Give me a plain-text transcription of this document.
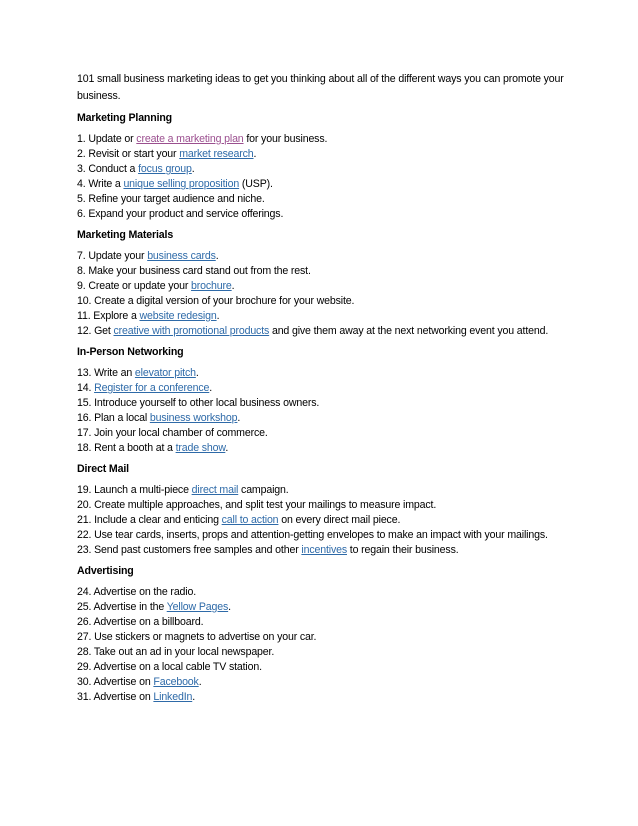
101 small business marketing ideas to get you thinking about all of the different ways you can promote your business.

Marketing Planning
1. Update or create a marketing plan for your business.
2. Revisit or start your market research.
3. Conduct a focus group.
4. Write a unique selling proposition (USP).
5. Refine your target audience and niche.
6. Expand your product and service offerings.
Marketing Materials
7. Update your business cards.
8. Make your business card stand out from the rest.
9. Create or update your brochure.
10. Create a digital version of your brochure for your website.
11. Explore a website redesign.
12. Get creative with promotional products and give them away at the next networking event you attend.
In-Person Networking
13. Write an elevator pitch.
14. Register for a conference.
15. Introduce yourself to other local business owners.
16. Plan a local business workshop.
17. Join your local chamber of commerce.
18. Rent a booth at a trade show.
Direct Mail
19. Launch a multi-piece direct mail campaign.
20. Create multiple approaches, and split test your mailings to measure impact.
21. Include a clear and enticing call to action on every direct mail piece.
22. Use tear cards, inserts, props and attention-getting envelopes to make an impact with your mailings.
23. Send past customers free samples and other incentives to regain their business.
Advertising
24. Advertise on the radio.
25. Advertise in the Yellow Pages.
26. Advertise on a billboard.
27. Use stickers or magnets to advertise on your car.
28. Take out an ad in your local newspaper.
29. Advertise on a local cable TV station.
30. Advertise on Facebook.
31. Advertise on LinkedIn.
